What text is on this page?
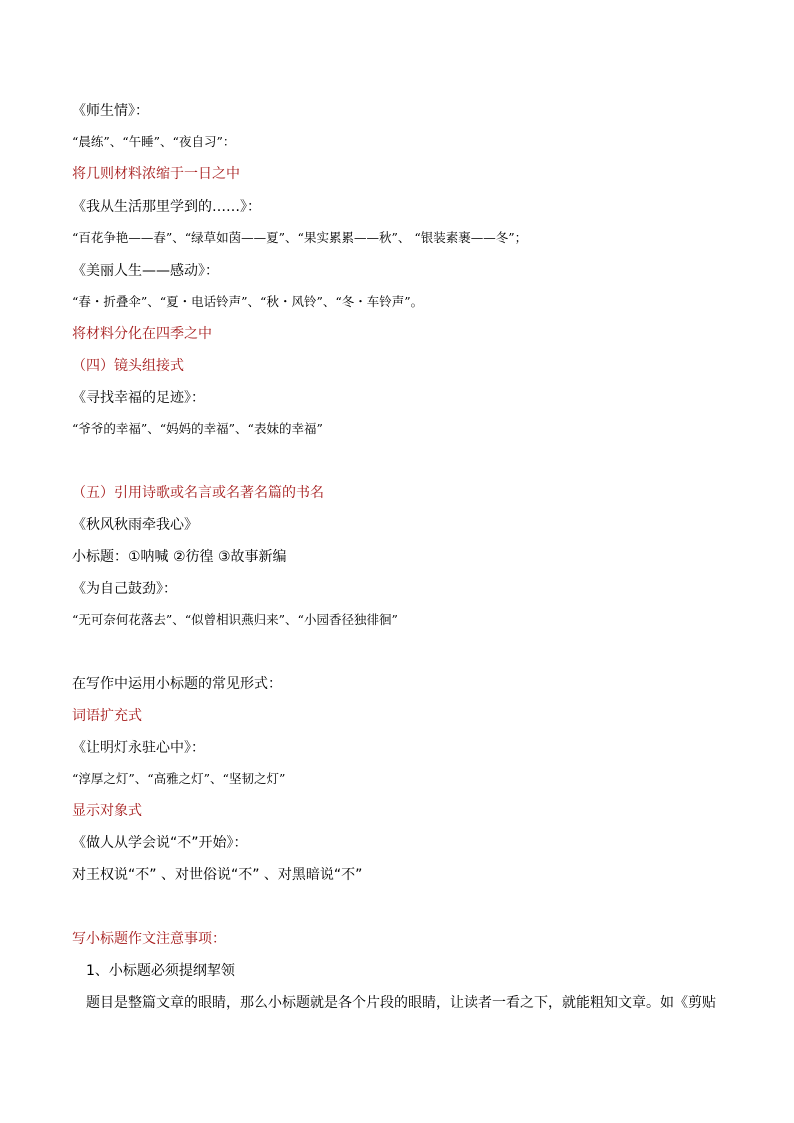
《师生情》：
“晨练”、“午睡”、“夜自习”：
将几则材料浓缩于一日之中
《我从生活那里学到的……》：
“百花争艳——春”、“绿草如茵——夏”、“果实累累——秋”、 “银装素裹——冬”；
《美丽人生——感动》：
“春・折叠伞”、“夏・电话铃声”、“秋・风铃”、“冬・车铃声”。
将材料分化在四季之中
（四）镜头组接式
《寻找幸福的足迹》：
“爷爷的幸福”、“妈妈的幸福”、“表妹的幸福”
（五）引用诗歌或名言或名著名篇的书名
《秋风秋雨牵我心》
小标题：①呐喊 ②彷徨 ③故事新编
《为自己鼓劲》：
“无可奈何花落去”、“似曾相识燕归来”、“小园香径独徘徊”
在写作中运用小标题的常见形式：
词语扩充式
《让明灯永驻心中》：
“淳厚之灯”、“高雅之灯”、“坚韧之灯”
显示对象式
《做人从学会说“不”开始》：
对王权说“不” 、对世俗说“不” 、对黑暗说“不”
写小标题作文注意事项：
1、小标题必须提纲挈领
题目是整篇文章的眼睛，那么小标题就是各个片段的眼睛，让读者一看之下，就能粗知文章。如《剪贴
